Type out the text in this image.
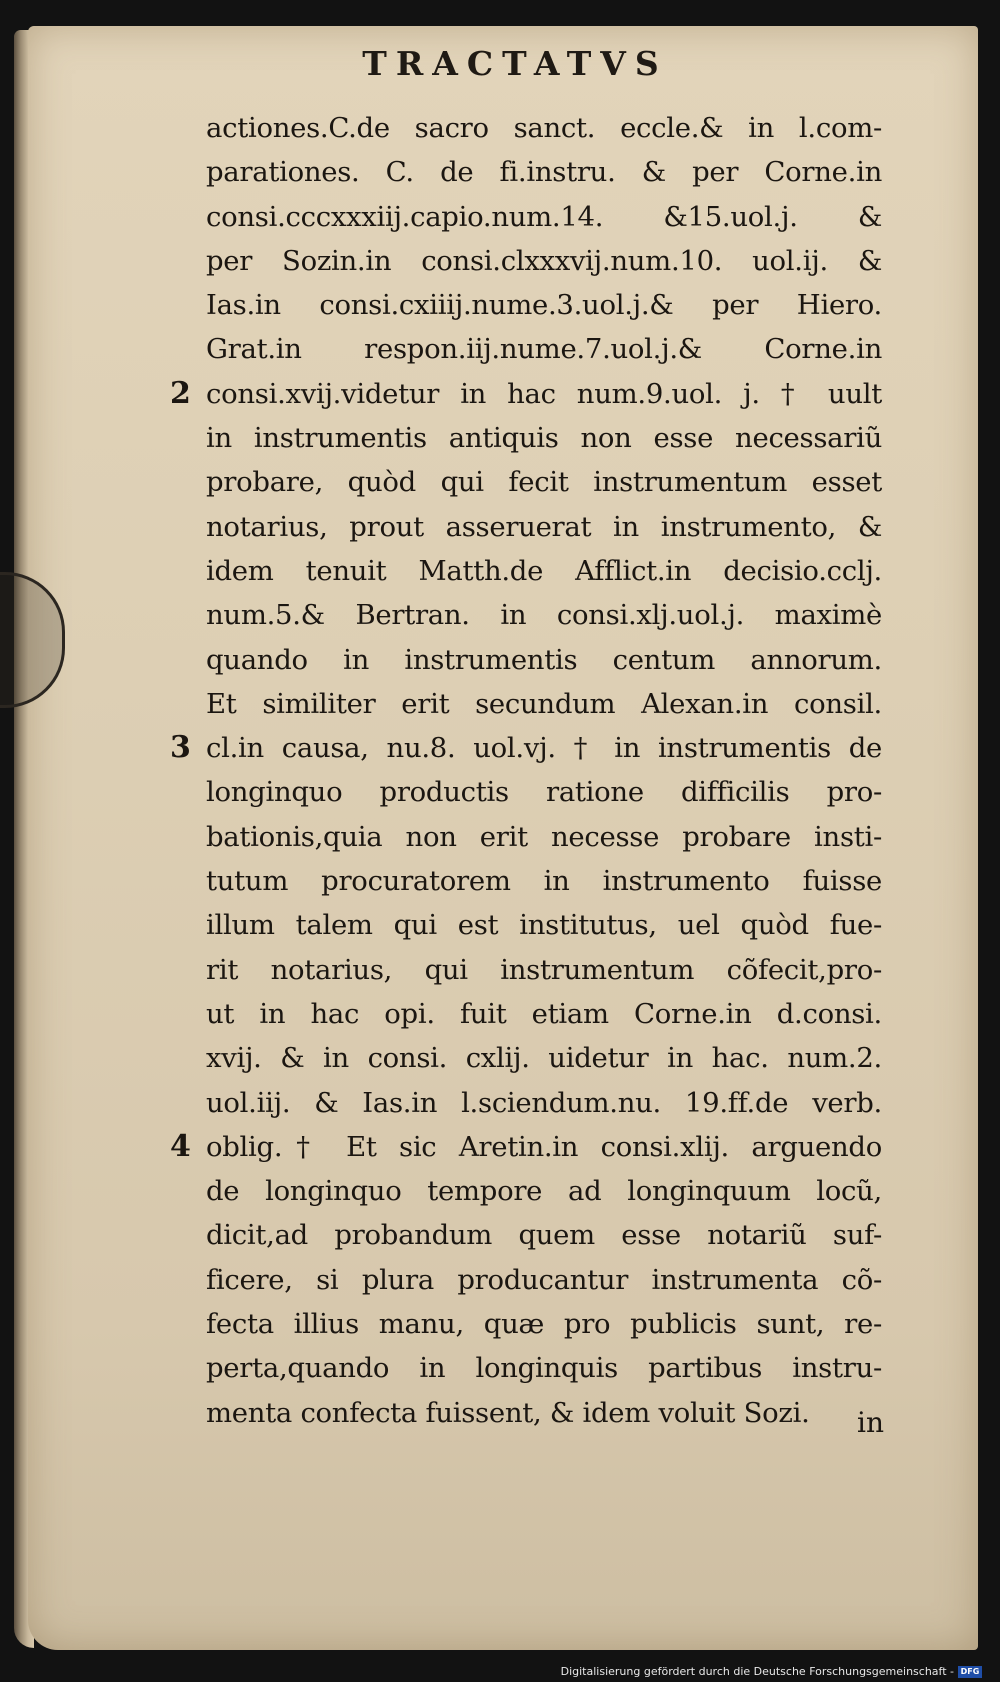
TRACTATVS
actiones.C.de sacro sanct. eccle.& in l.com-
parationes. C. de fi.instru. & per Corne.in
consi.cccxxxiij.capio.num.14. &15.uol.j. &
per Sozin.in consi.clxxxvij.num.10. uol.ij. &
Ias.in consi.cxiiij.nume.3.uol.j.& per Hiero.
Grat.in respon.iij.nume.7.uol.j.& Corne.in
2 consi.xvij.videtur in hac num.9.uol. j. † uult
in instrumentis antiquis non esse necessariũ
probare, quòd qui fecit instrumentum esset
notarius, prout asseruerat in instrumento, &
idem tenuit Matth.de Afflict.in decisio.cclj.
num.5.& Bertran. in consi.xlj.uol.j. maximè
quando in instrumentis centum annorum.
Et similiter erit secundum Alexan.in consil.
3 cl.in causa, nu.8. uol.vj. † in instrumentis de
longinquo productis ratione difficilis pro-
bationis,quia non erit necesse probare insti-
tutum procuratorem in instrumento fuisse
illum talem qui est institutus, uel quòd fue-
rit notarius, qui instrumentum cõfecit,pro-
ut in hac opi. fuit etiam Corne.in d.consi.
xvij. & in consi. cxlij. uidetur in hac. num.2.
uol.iij. & Ias.in l.sciendum.nu. 19.ff.de verb.
4 oblig.† Et sic Aretin.in consi.xlij. arguendo
de longinquo tempore ad longinquum locũ,
dicit,ad probandum quem esse notariũ suf-
ficere, si plura producantur instrumenta cõ-
fecta illius manu, quæ pro publicis sunt, re-
perta,quando in longinquis partibus instru-
menta confecta fuissent, & idem voluit Sozi.	in

Digitalisierung gefördert durch die Deutsche Forschungsgemeinschaft - DFG
